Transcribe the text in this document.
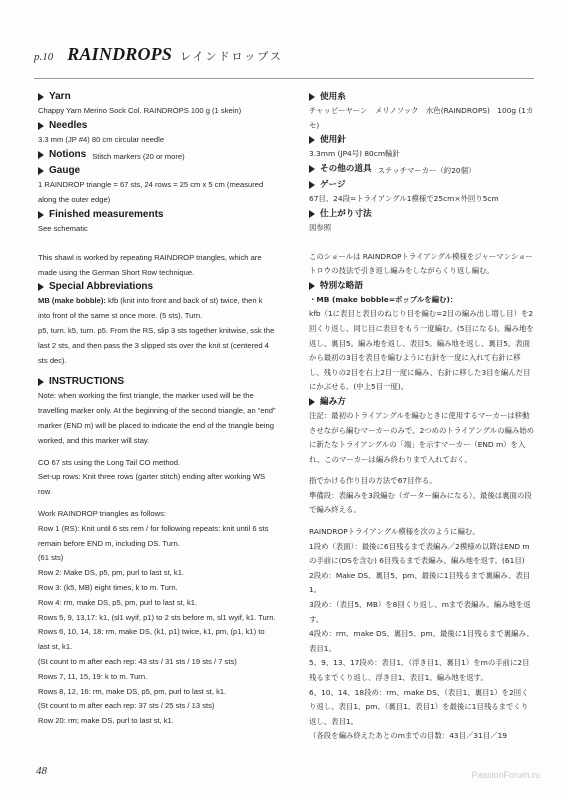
p.10 RAINDROPS レインドロップス
Yarn

Chappy Yarn Merino Sock Col. RAINDROPS 100 g (1 skein)

Needles

3.3 mm (JP #4) 80 cm circular needle

Notions Stitch markers (20 or more)
Gauge

1 RAINDROP triangle = 67 sts, 24 rows = 25 cm x 5 cm (measured along the outer edge)

Finished measurements

See schematic

This shawl is worked by repeating RAINDROP triangles, which are made using the German Short Row technique.

Special Abbreviations

MB (make bobble): kfb (knit into front and back of st) twice, then k into front of the same st once more. (5 sts). Turn.

p5, turn. k5, turn. p5. From the RS, slip 3 sts together knitwise, ssk the last 2 sts, and then pass the 3 slipped sts over the knit st (centered 4 sts dec).

INSTRUCTIONS

Note: when working the first triangle, the marker used will be the travelling marker only. At the beginning of the second triangle, an “end” marker (END m) will be placed to indicate the end of the triangle being worked, and this marker will stay.

CO 67 sts using the Long Tail CO method.

Set-up rows: Knit three rows (garter stitch) ending after working WS row.

Work RAINDROP triangles as follows:

Row 1 (RS): Knit until 6 sts rem / for following repeats: knit until 6 sts remain before END m, including DS. Turn.

(61 sts)

Row 2: Make DS, p5, pm, purl to last st, k1.

Row 3: (k5, MB) eight times, k to m. Turn.

Row 4: rm, make DS, p5, pm, purl to last st, k1.

Rows 5, 9, 13,17: k1, (sl1 wyif, p1) to 2 sts before m, sl1 wyif, k1. Turn.

Rows 6, 10, 14, 18: rm, make DS, (k1, p1) twice, k1, pm, (p1, k1) to last st, k1.

(St count to m after each rep: 43 sts / 31 sts / 19 sts / 7 sts)

Rows 7, 11, 15, 19: k to m. Turn.

Rows 8, 12, 16: rm, make DS, p5, pm, purl to last st, k1.

(St count to m after each rep: 37 sts / 25 sts / 13 sts)

Row 20: rm; make DS, purl to last st, k1.

使用糸

チャッピーヤーン　メリノソック　水色(RAINDROPS)　100g (1カセ)

使用針

3.3mm (JP4号) 80cm輪針

その他の道具 ステッチマーカー（約20個）
ゲージ

67目、24段=トライアングル1模様で25cm×外回り5cm

仕上がり寸法

図参照

このショールは RAINDROPトライアングル模様をジャーマンショートロウの技法で引き返し編みをしながらくり返し編む。

特別な略語

・MB (make bobble=ボッブルを編む)：

kfb（1に表目と表目のねじり目を編む=2目の編み出し増し目）を2回くり返し、同じ目に表目をもう一度編む。(5目になる)。編み地を返し、裏目5。編み地を返し、表目5。編み地を返し、裏目5。表面から最初の3目を表目を編むように右針を一度に入れて右針に移し、残りの2目を右上2目一度に編み、右針に移した3目を編んだ目にかぶせる。(中上5目一度)。

編み方

注記：最初のトライアングルを編むときに使用するマーカーは移動させながら編むマーカーのみで、2つめのトライアングルの編み始めに新たなトライアングルの「端」を示すマーカー（END m）を入れ、このマーカーは編み終わりまで入れておく。

指でかける作り目の方法で67目作る。

準備段：表編みを3段編む（ガーター編みになる）。最後は裏面の段で編み終える。

RAINDROPトライアングル模様を次のように編む。

1段め（表面）：最後に6目残るまで表編み／2模様め以降はEND mの手前に(DSを含む) 6目残るまで表編み。編み地を返す。(61目)

2段め：Make DS、裏目5、pm、最後に1目残るまで裏編み、表目1。

3段め：（表目5、MB）を8回くり返し、mまで表編み。編み地を返す。

4段め：rm、make DS、裏目5、pm、最後に1目残るまで裏編み、表目1。

5、9、13、17段め：表目1、（浮き目1、裏目1）をmの手前に2目残るまでくり返し、浮き目1、表目1。編み地を返す。

6、10、14、18段め：rm、make DS、（表目1、裏目1）を2回くり返し、表目1、pm、（裏目1、表目1）を最後に1目残るまでくり返し、表目1。

（各段を編み終えたあとのmまでの目数：43目／31目／19

48	PassionForum.ru
